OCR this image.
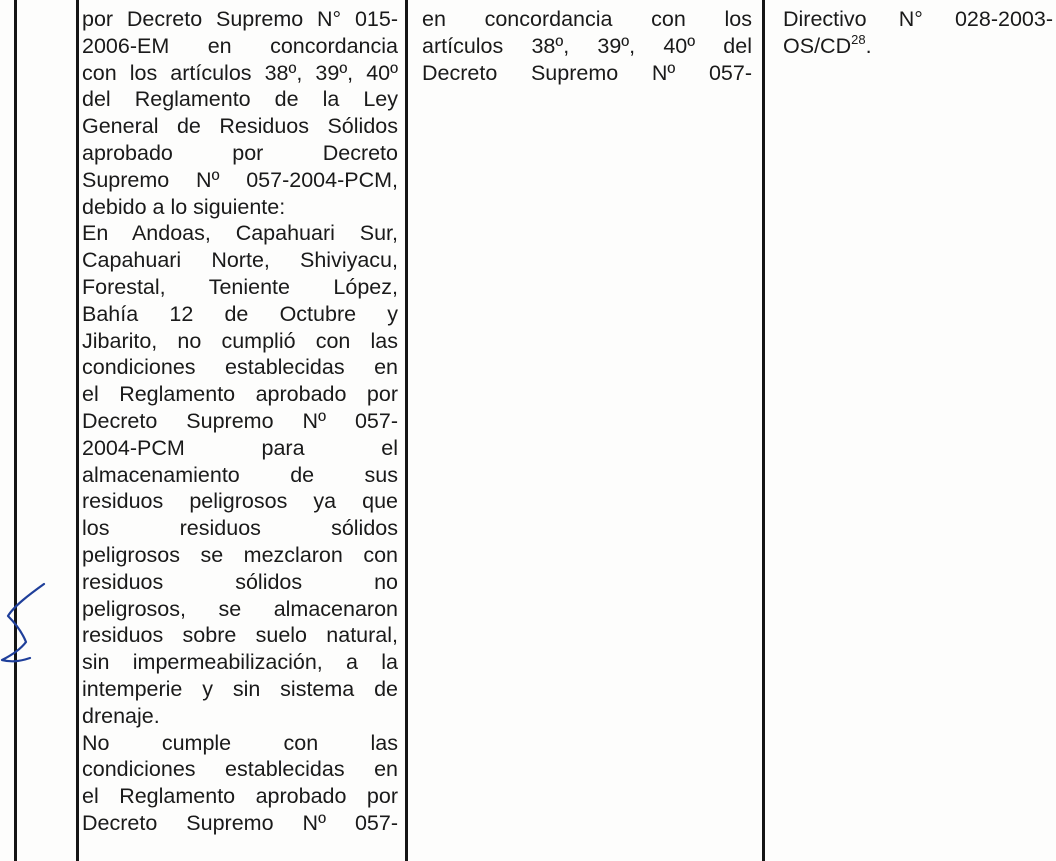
por Decreto Supremo N° 015-
2006-EM en concordancia
con los artículos 38º, 39º, 40º
del Reglamento de la Ley
General de Residuos Sólidos
aprobado por Decreto
Supremo Nº 057-2004-PCM,
debido a lo siguiente:
En Andoas, Capahuari Sur,
Capahuari Norte, Shiviyacu,
Forestal, Teniente López,
Bahía 12 de Octubre y
Jibarito, no cumplió con las
condiciones establecidas en
el Reglamento aprobado por
Decreto Supremo Nº 057-
2004-PCM para el
almacenamiento de sus
residuos peligrosos ya que
los residuos sólidos
peligrosos se mezclaron con
residuos sólidos no
peligrosos, se almacenaron
residuos sobre suelo natural,
sin impermeabilización, a la
intemperie y sin sistema de
drenaje.
No cumple con las
condiciones establecidas en
el Reglamento aprobado por
Decreto Supremo Nº 057-
en concordancia con los
artículos 38º, 39º, 40º del
Decreto Supremo Nº 057-
Directivo N° 028-2003-
OS/CD$^{28}$.
